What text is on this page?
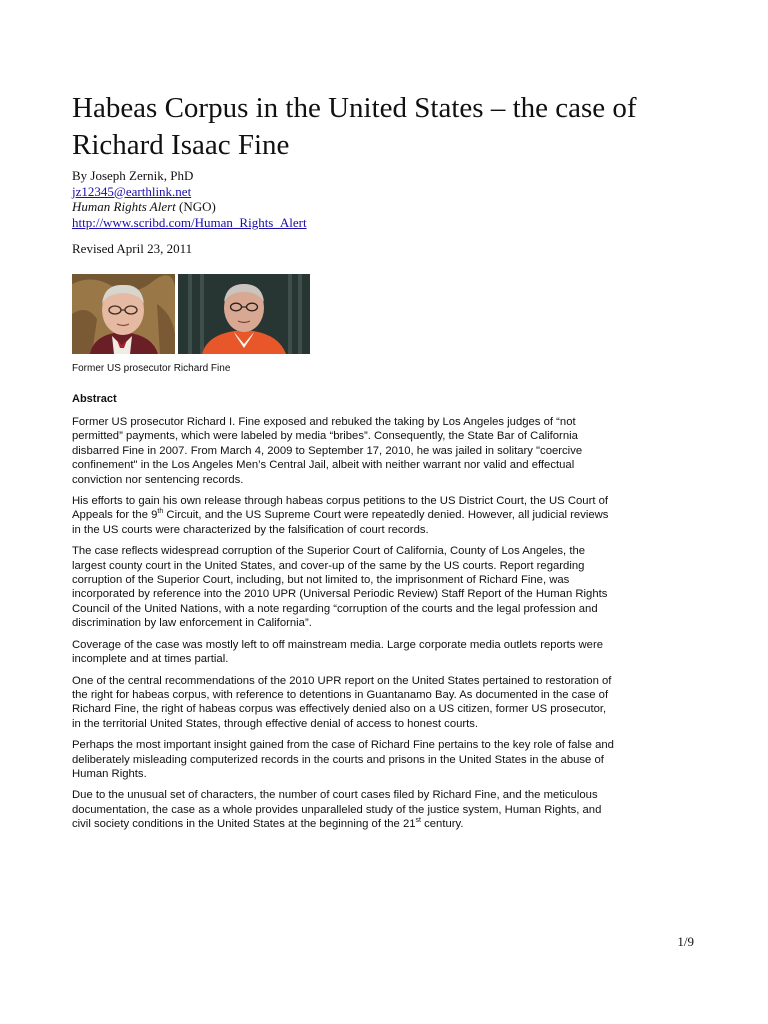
Habeas Corpus in the United States – the case of Richard Isaac Fine
By Joseph Zernik, PhD
jz12345@earthlink.net
Human Rights Alert (NGO)
http://www.scribd.com/Human_Rights_Alert
Revised April 23, 2011
Former US prosecutor Richard Fine
Abstract

Former US prosecutor Richard I. Fine exposed and rebuked the taking by Los Angeles judges of “not permitted” payments, which were labeled by media “bribes”. Consequently, the State Bar of California disbarred Fine in 2007. From March 4, 2009 to September 17, 2010, he was jailed in solitary "coercive confinement" in the Los Angeles Men’s Central Jail, albeit with neither warrant nor valid and effectual conviction nor sentencing records.

His efforts to gain his own release through habeas corpus petitions to the US District Court, the US Court of Appeals for the 9th Circuit, and the US Supreme Court were repeatedly denied. However, all judicial reviews in the US courts were characterized by the falsification of court records.

The case reflects widespread corruption of the Superior Court of California, County of Los Angeles, the largest county court in the United States, and cover-up of the same by the US courts. Report regarding corruption of the Superior Court, including, but not limited to, the imprisonment of Richard Fine, was incorporated by reference into the 2010 UPR (Universal Periodic Review) Staff Report of the Human Rights Council of the United Nations, with a note regarding “corruption of the courts and the legal profession and discrimination by law enforcement in California”.

Coverage of the case was mostly left to off mainstream media. Large corporate media outlets reports were incomplete and at times partial.

One of the central recommendations of the 2010 UPR report on the United States pertained to restoration of the right for habeas corpus, with reference to detentions in Guantanamo Bay. As documented in the case of Richard Fine, the right of habeas corpus was effectively denied also on a US citizen, former US prosecutor, in the territorial United States, through effective denial of access to honest courts.

Perhaps the most important insight gained from the case of Richard Fine pertains to the key role of false and deliberately misleading computerized records in the courts and prisons in the United States in the abuse of Human Rights.

Due to the unusual set of characters, the number of court cases filed by Richard Fine, and the meticulous documentation, the case as a whole provides unparalleled study of the justice system, Human Rights, and civil society conditions in the United States at the beginning of the 21st century.

1/9
